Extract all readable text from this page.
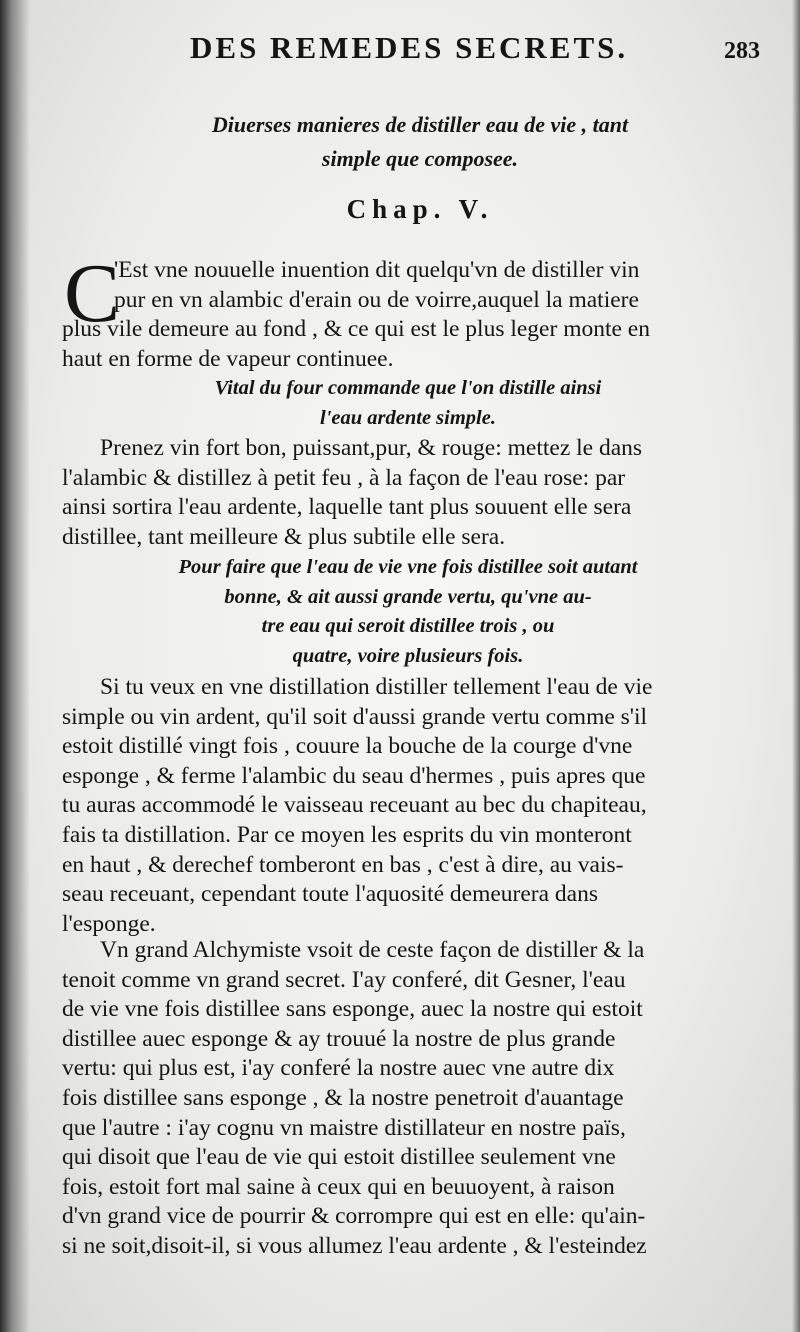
DES REMEDES SECRETS.	283
Diuerses manieres de distiller eau de vie , tant
simple que composee.
Chap. V.
C
'Est vne nouuelle inuention dit quelqu'vn de distiller vin
pur en vn alambic d'erain ou de voirre,auquel la matiere
plus vile demeure au fond , & ce qui est le plus leger monte en
haut en forme de vapeur continuee.
Vital du four commande que l'on distille ainsi
l'eau ardente simple.
Prenez vin fort bon, puissant,pur, & rouge: mettez le dans
l'alambic & distillez à petit feu , à la façon de l'eau rose: par
ainsi sortira l'eau ardente, laquelle tant plus souuent elle sera
distillee, tant meilleure & plus subtile elle sera.
Pour faire que l'eau de vie vne fois distillee soit autant
bonne, & ait aussi grande vertu, qu'vne au-
tre eau qui seroit distillee trois , ou
quatre, voire plusieurs fois.
Si tu veux en vne distillation distiller tellement l'eau de vie
simple ou vin ardent, qu'il soit d'aussi grande vertu comme s'il
estoit distillé vingt fois , couure la bouche de la courge d'vne
esponge , & ferme l'alambic du seau d'hermes , puis apres que
tu auras accommodé le vaisseau receuant au bec du chapiteau,
fais ta distillation. Par ce moyen les esprits du vin monteront
en haut , & derechef tomberont en bas , c'est à dire, au vais-
seau receuant, cependant toute l'aquosité demeurera dans
l'esponge.
Vn grand Alchymiste vsoit de ceste façon de distiller & la
tenoit comme vn grand secret. I'ay conferé, dit Gesner, l'eau
de vie vne fois distillee sans esponge, auec la nostre qui estoit
distillee auec esponge & ay trouué la nostre de plus grande
vertu: qui plus est, i'ay conferé la nostre auec vne autre dix
fois distillee sans esponge , & la nostre penetroit d'auantage
que l'autre : i'ay cognu vn maistre distillateur en nostre païs,
qui disoit que l'eau de vie qui estoit distillee seulement vne
fois, estoit fort mal saine à ceux qui en beuuoyent, à raison
d'vn grand vice de pourrir & corrompre qui est en elle: qu'ain-
si ne soit,disoit-il, si vous allumez l'eau ardente , & l'esteindez
